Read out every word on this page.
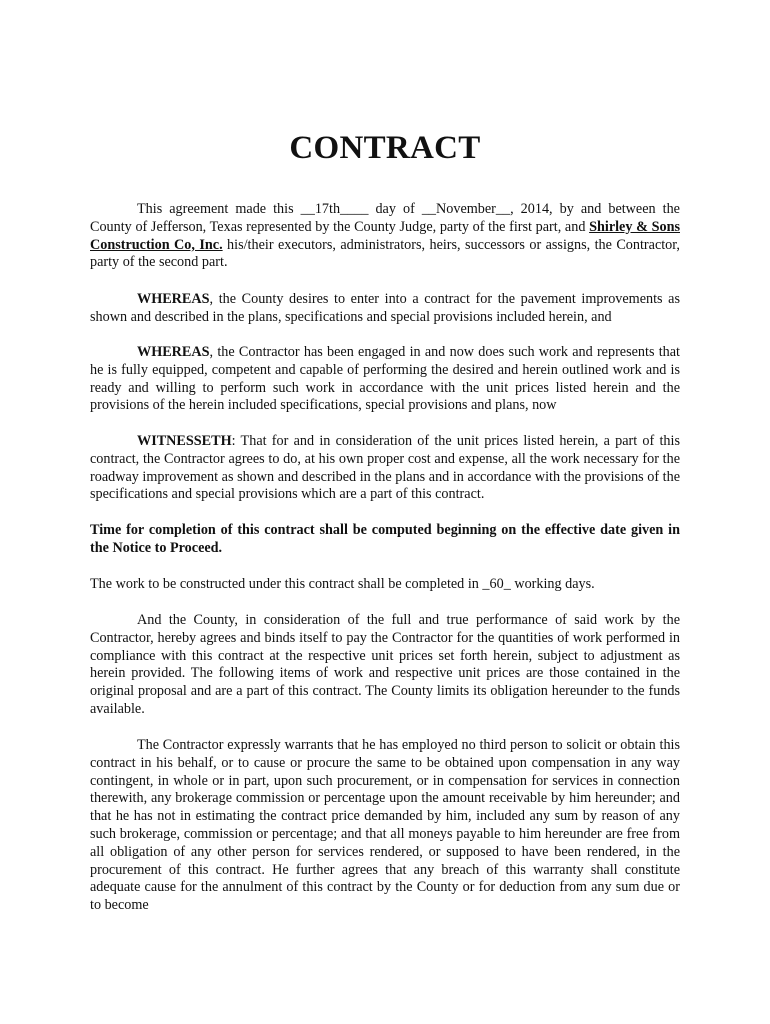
CONTRACT

This agreement made this __17th____ day of __November__, 2014, by and between the County of Jefferson, Texas represented by the County Judge, party of the first part, and Shirley & Sons Construction Co, Inc. his/their executors, administrators, heirs, successors or assigns, the Contractor, party of the second part.

WHEREAS, the County desires to enter into a contract for the pavement improvements as shown and described in the plans, specifications and special provisions included herein, and

WHEREAS, the Contractor has been engaged in and now does such work and represents that he is fully equipped, competent and capable of performing the desired and herein outlined work and is ready and willing to perform such work in accordance with the unit prices listed herein and the provisions of the herein included specifications, special provisions and plans, now

WITNESSETH: That for and in consideration of the unit prices listed herein, a part of this contract, the Contractor agrees to do, at his own proper cost and expense, all the work necessary for the roadway improvement as shown and described in the plans and in accordance with the provisions of the specifications and special provisions which are a part of this contract.

Time for completion of this contract shall be computed beginning on the effective date given in the Notice to Proceed.

The work to be constructed under this contract shall be completed in _60_ working days.

And the County, in consideration of the full and true performance of said work by the Contractor, hereby agrees and binds itself to pay the Contractor for the quantities of work performed in compliance with this contract at the respective unit prices set forth herein, subject to adjustment as herein provided. The following items of work and respective unit prices are those contained in the original proposal and are a part of this contract. The County limits its obligation hereunder to the funds available.

The Contractor expressly warrants that he has employed no third person to solicit or obtain this contract in his behalf, or to cause or procure the same to be obtained upon compensation in any way contingent, in whole or in part, upon such procurement, or in compensation for services in connection therewith, any brokerage commission or percentage upon the amount receivable by him hereunder; and that he has not in estimating the contract price demanded by him, included any sum by reason of any such brokerage, commission or percentage; and that all moneys payable to him hereunder are free from all obligation of any other person for services rendered, or supposed to have been rendered, in the procurement of this contract. He further agrees that any breach of this warranty shall constitute adequate cause for the annulment of this contract by the County or for deduction from any sum due or to become
